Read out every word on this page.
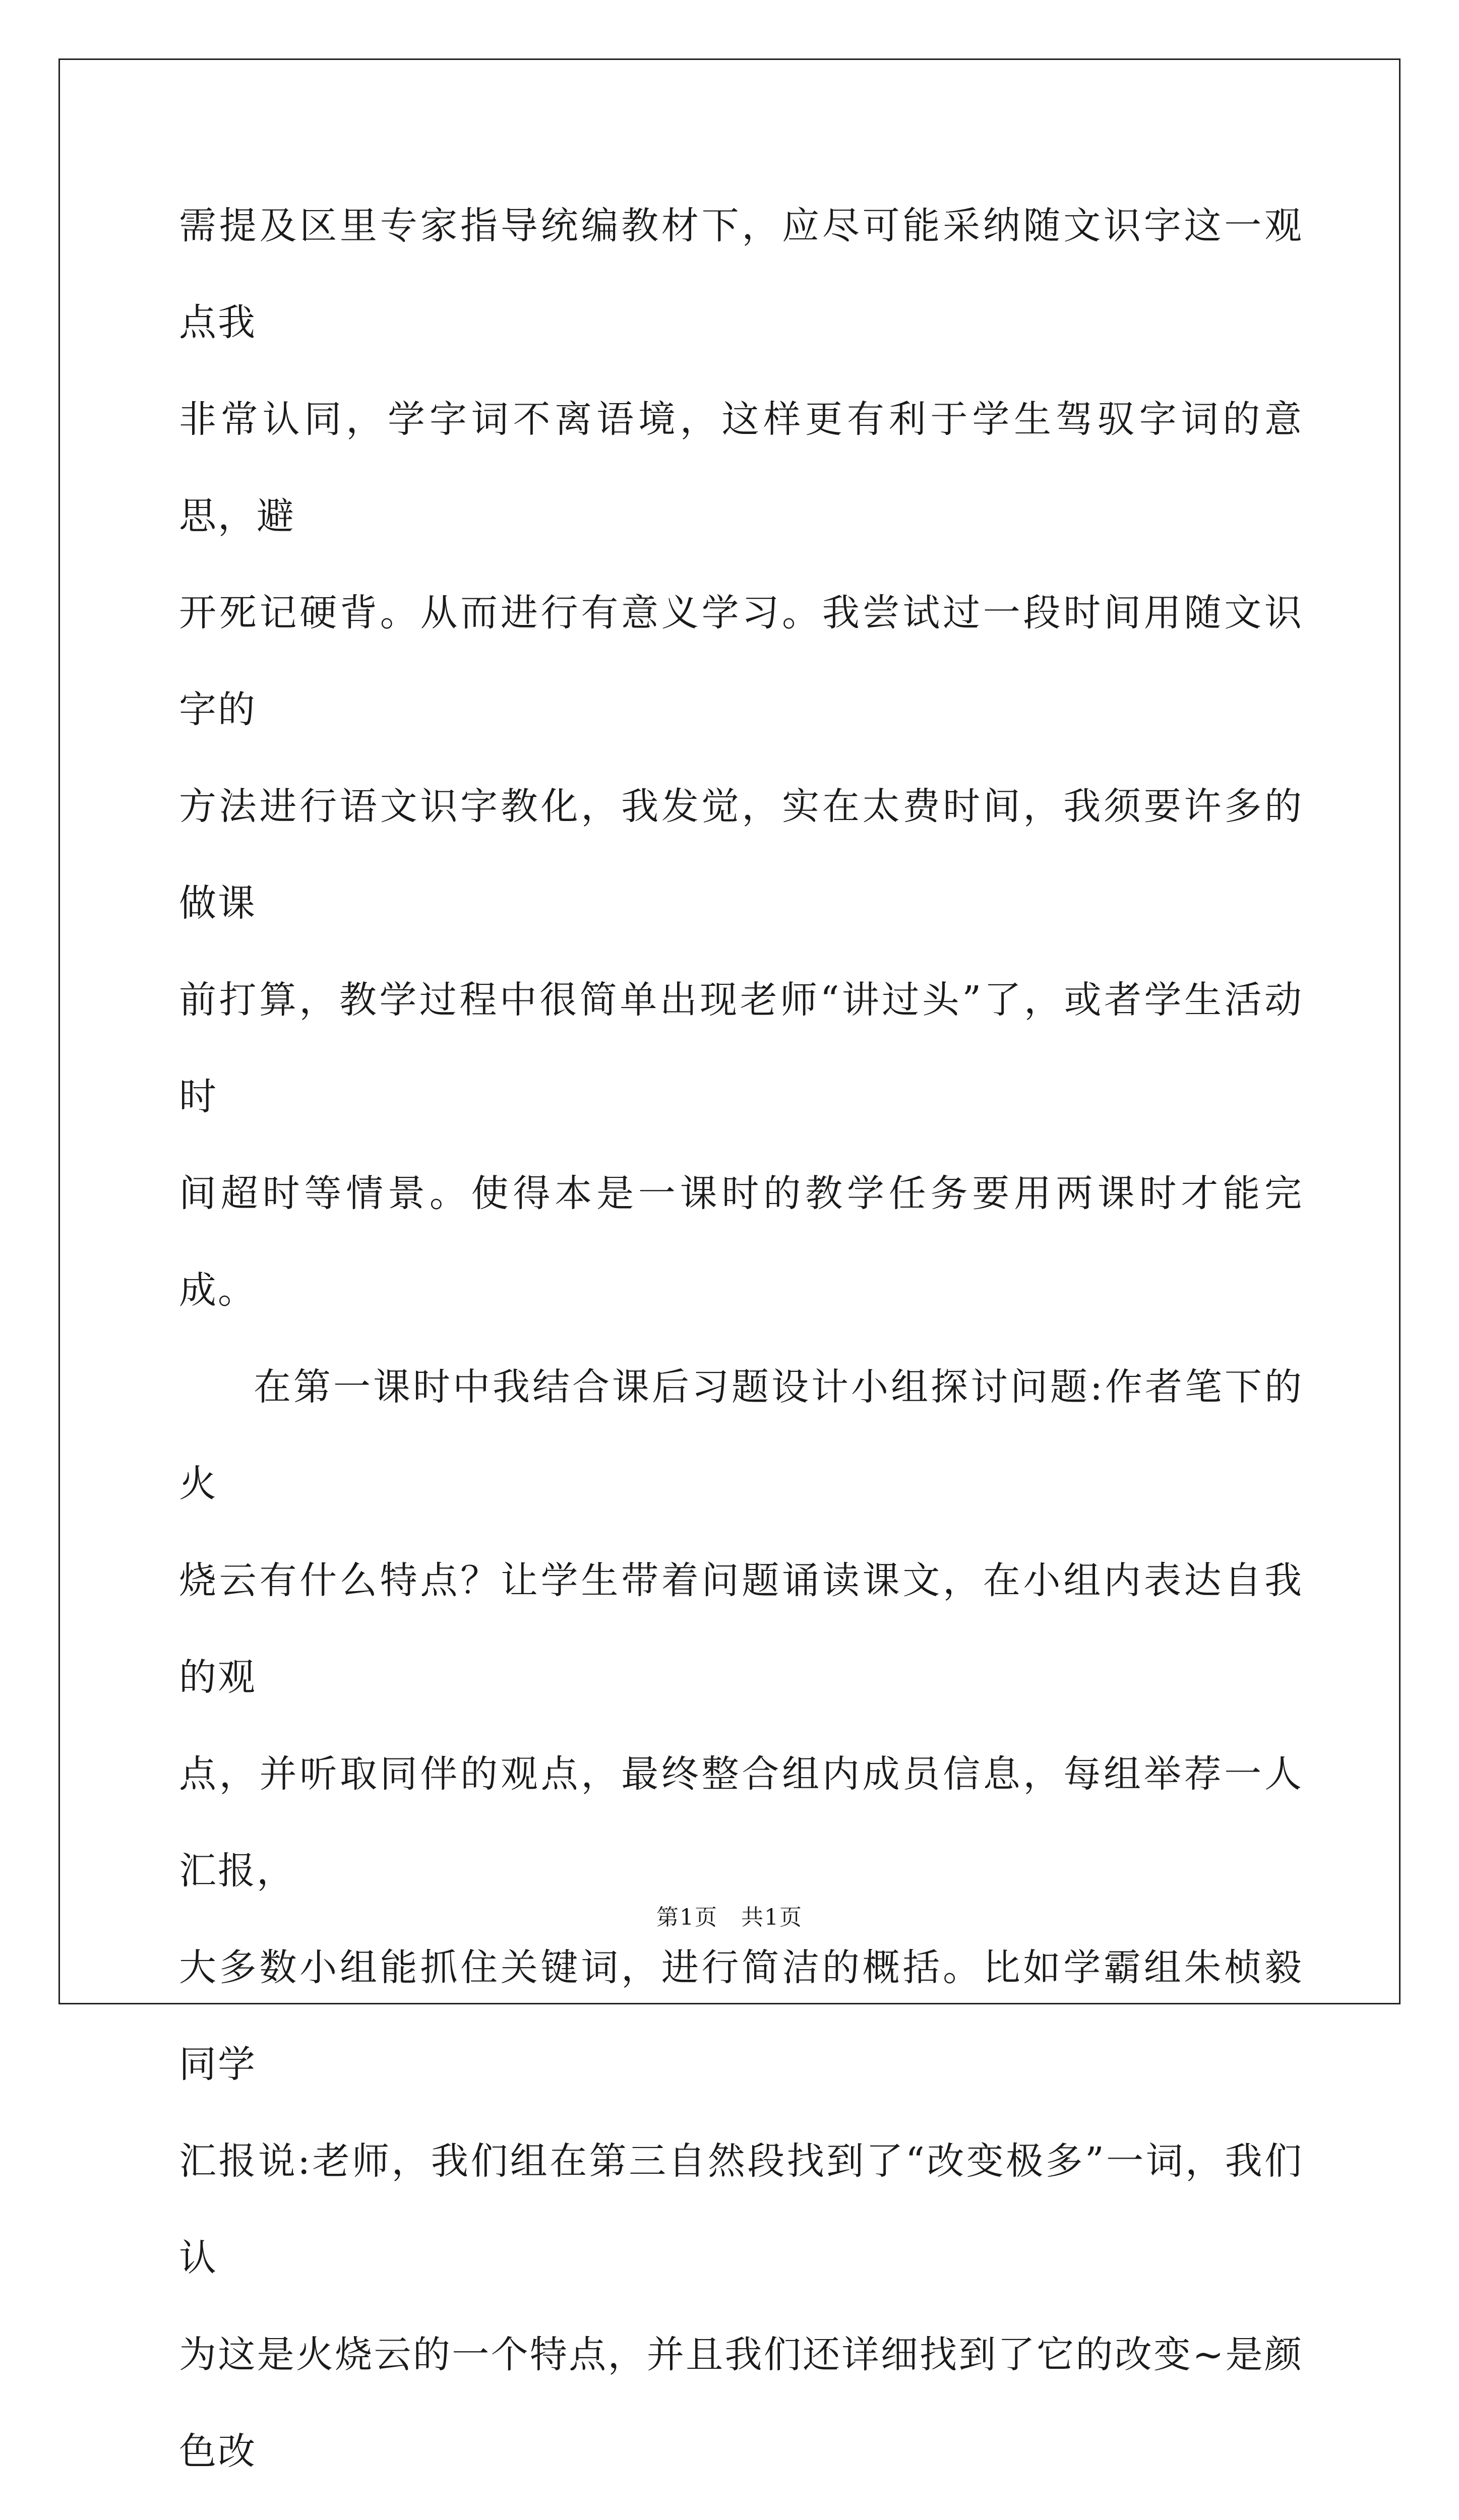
需提及区里专家指导统编教材下，应尽可能采纳随文识字这一观点我
非常认同，学字词不离语境，这样更有利于学生驾驭字词的意思，避
开死记硬背。从而进行有意义学习。我尝试过一段时间用随文识字的
方法进行语文识字教化，我发觉，实在太费时间，我须要许多的做课
前打算，教学过程中很简单出现老师“讲过头”了，或者学生活动时
间超时等情景。使得本是一课时的教学任务要用两课时才能完成。

在第一课时中我结合课后习题设计小组探讨问题:作者笔下的火
烧云有什么特点？让学生带着问题诵读课文，在小组内表达自我的观
点，并听取同伴的观点，最终整合组内成员信息，每组举荐一人汇报，
大多数小组能抓住关键词，进行简洁的概括。比如学霸组朱桢毅同学
汇报说:老师，我们组在第三自然段找到了“改变极多”一词，我们认
为这是火烧云的一个特点，并且我们还详细找到了它的改变~是颜色改

第1页　共1页
